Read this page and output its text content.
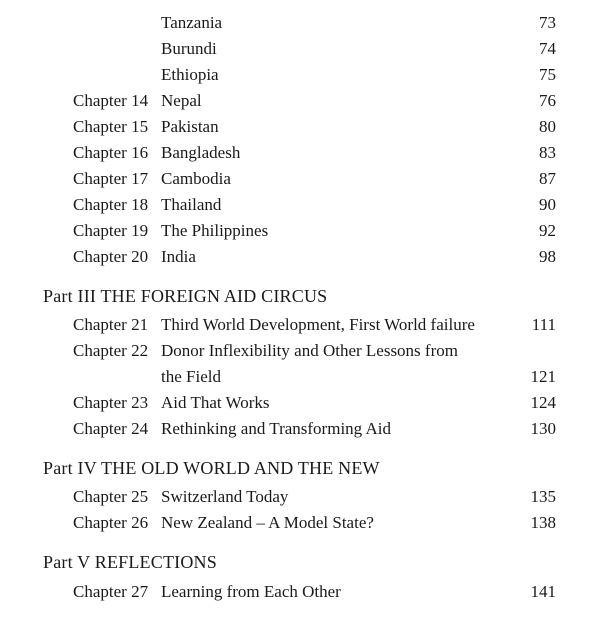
Tanzania	73
Burundi	74
Ethiopia	75
Chapter 14 Nepal	76
Chapter 15 Pakistan	80
Chapter 16 Bangladesh	83
Chapter 17 Cambodia	87
Chapter 18 Thailand	90
Chapter 19 The Philippines	92
Chapter 20 India	98
Part III THE FOREIGN AID CIRCUS
Chapter 21 Third World Development, First World failure	111
Chapter 22 Donor Inflexibility and Other Lessons from
the Field	121
Chapter 23 Aid That Works	124
Chapter 24 Rethinking and Transforming Aid	130
Part IV THE OLD WORLD AND THE NEW
Chapter 25 Switzerland Today	135
Chapter 26 New Zealand – A Model State?	138
Part V REFLECTIONS
Chapter 27 Learning from Each Other	141
